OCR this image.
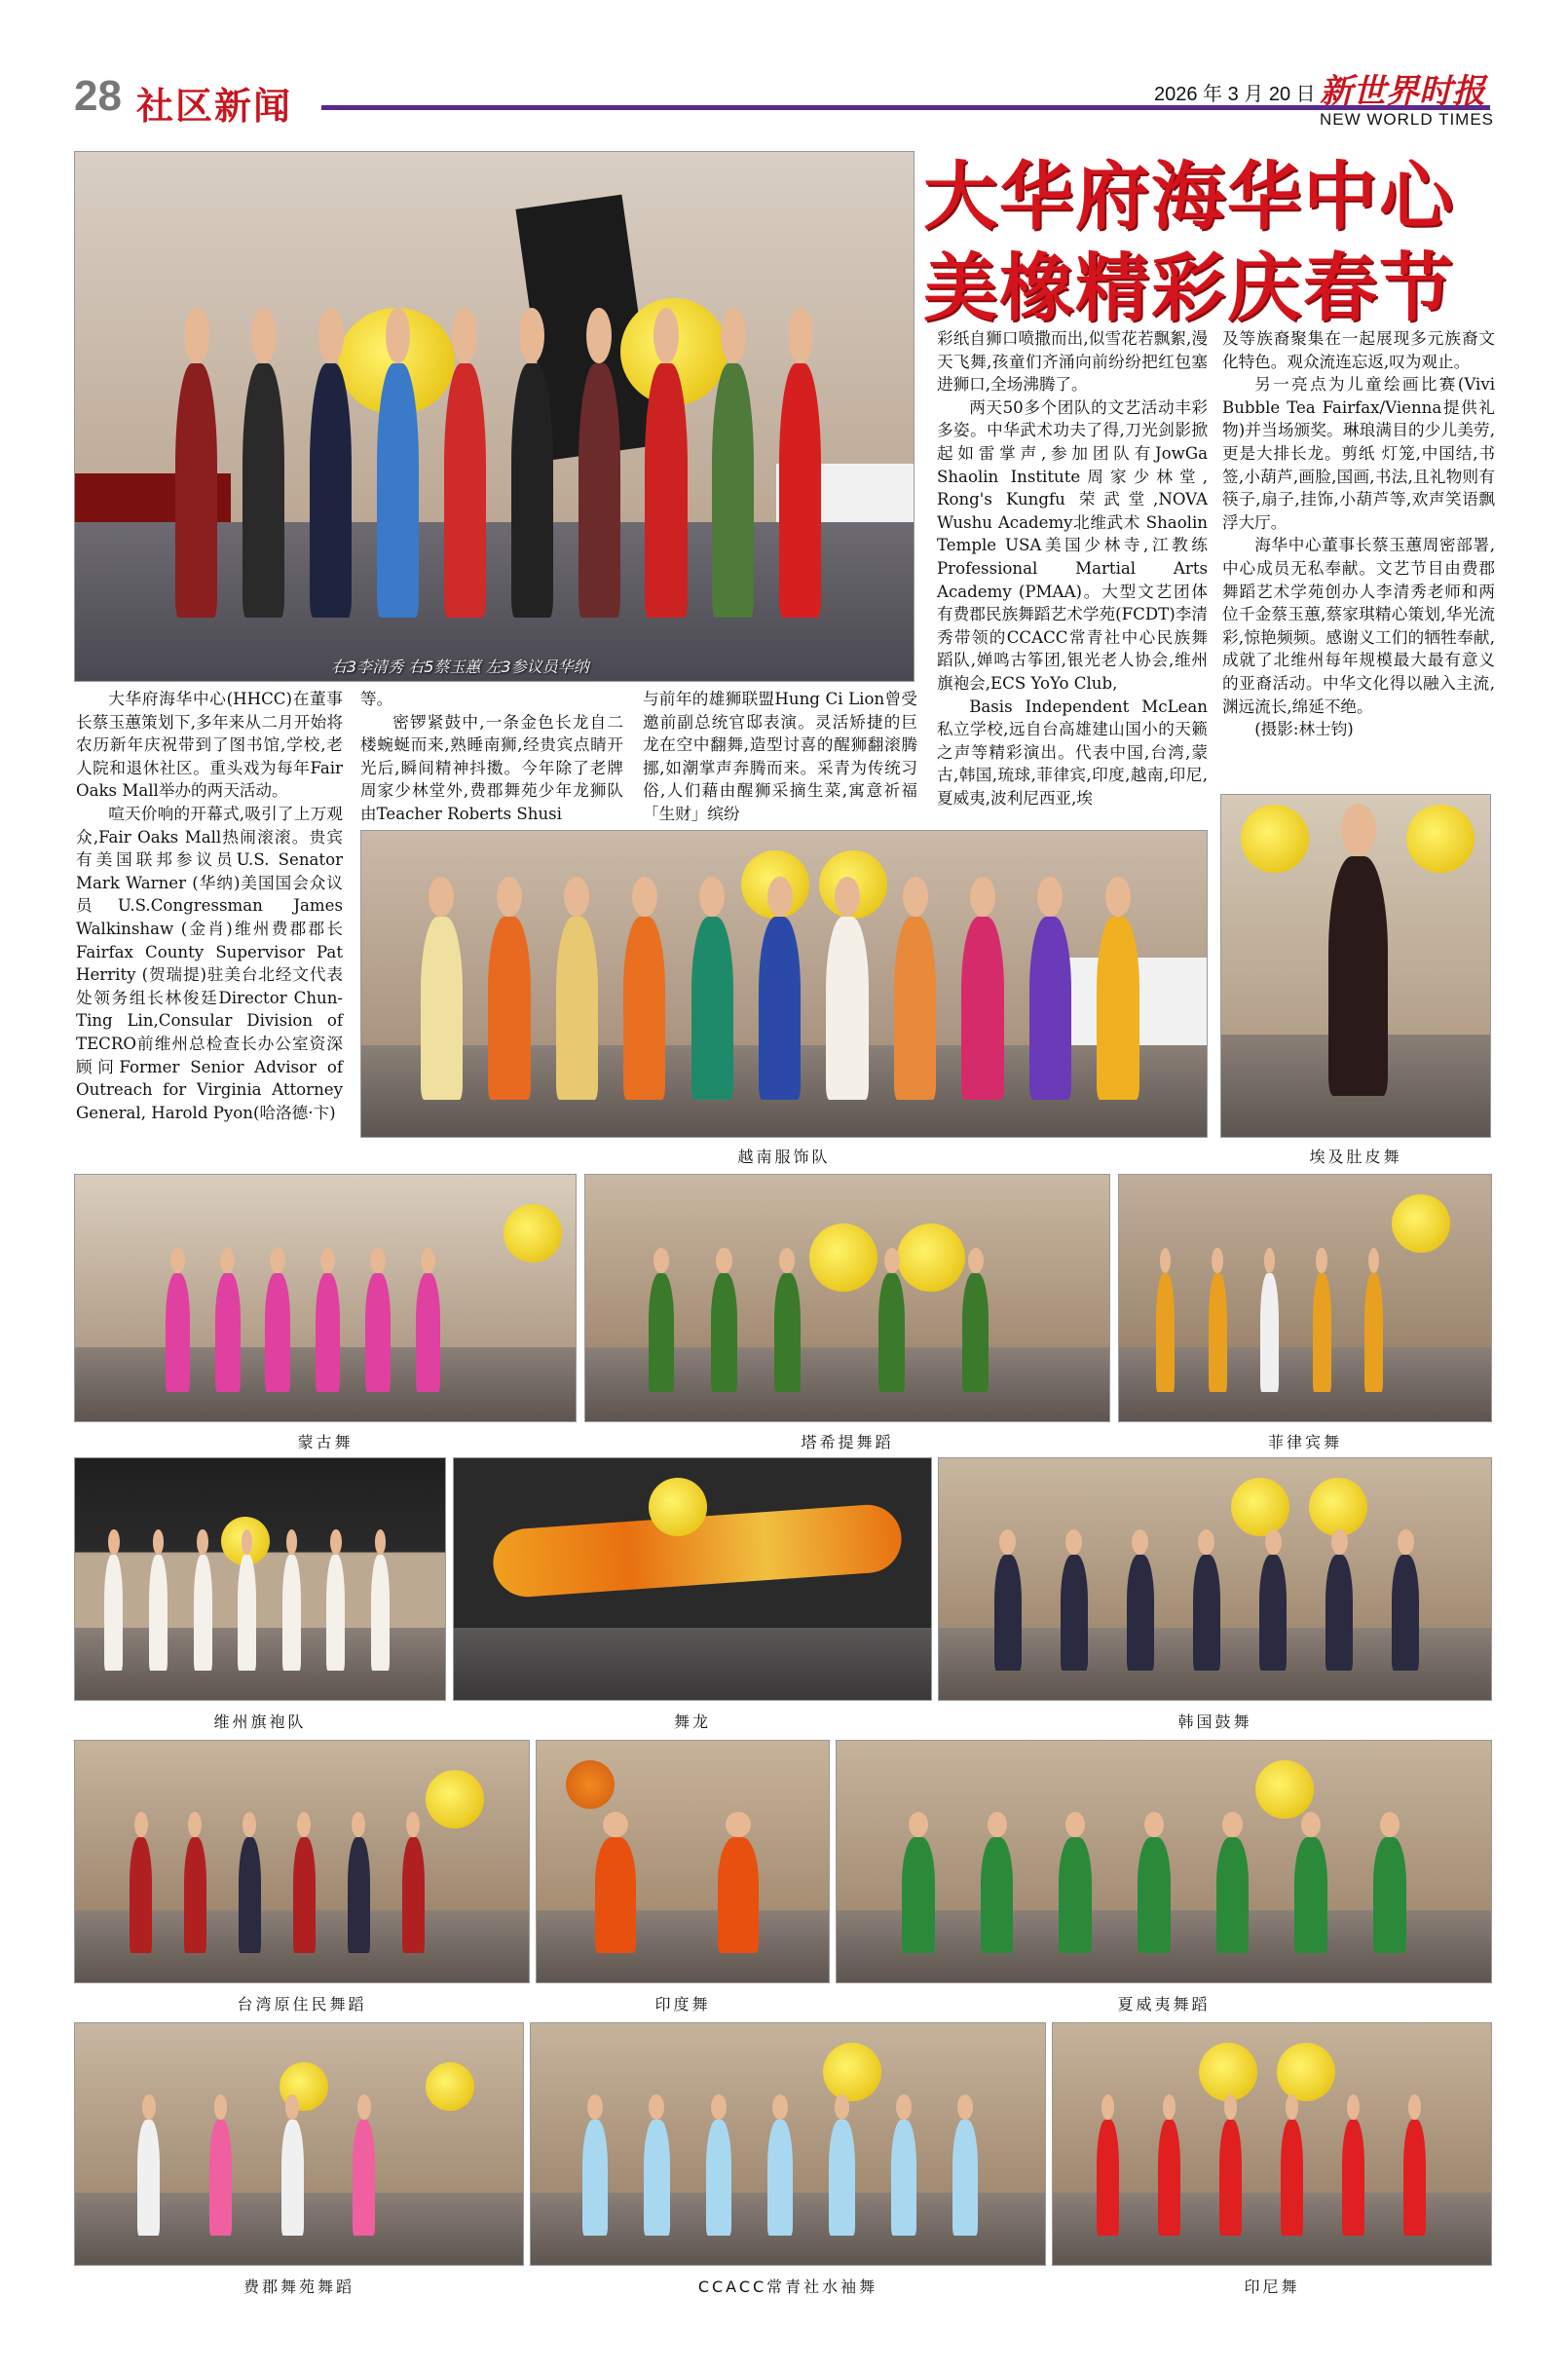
28 社区新闻	2026 年 3 月 20 日 新世界时报
NEW WORLD TIMES
大华府海华中心
美橡精彩庆春节
右3李清秀 右5蔡玉蕙 左3参议员华纳

大华府海华中心(HHCC)在董事长蔡玉蕙策划下,多年来从二月开始将农历新年庆祝带到了图书馆,学校,老人院和退休社区。重头戏为每年Fair Oaks Mall举办的两天活动。

喧天价响的开幕式,吸引了上万观众,Fair Oaks Mall热闹滚滚。贵宾有美国联邦参议员U.S. Senator Mark Warner (华纳)美国国会众议员U.S.Congressman James Walkinshaw (金肖)维州费郡郡长Fairfax County Supervisor Pat Herrity (贺瑞提)驻美台北经文代表处领务组长林俊廷Director Chun-Ting Lin,Consular Division of TECRO前维州总检查长办公室资深顾问Former Senior Advisor of Outreach for Virginia Attorney General, Harold Pyon(哈洛德·卞)

等。

密锣紧鼓中,一条金色长龙自二楼蜿蜒而来,熟睡南狮,经贵宾点睛开光后,瞬间精神抖擞。今年除了老牌周家少林堂外,费郡舞苑少年龙狮队由Teacher Roberts Shusi

与前年的雄狮联盟Hung Ci Lion曾受邀前副总统官邸表演。灵活矫捷的巨龙在空中翻舞,造型讨喜的醒狮翻滚腾挪,如潮掌声奔腾而来。采青为传统习俗,人们藉由醒狮采摘生菜,寓意祈福「生财」缤纷

彩纸自狮口喷撒而出,似雪花若飘絮,漫天飞舞,孩童们齐涌向前纷纷把红包塞进狮口,全场沸腾了。

两天50多个团队的文艺活动丰彩多姿。中华武术功夫了得,刀光剑影掀起如雷掌声,参加团队有JowGa Shaolin Institute周家少林堂, Rong's Kungfu 荣武堂,NOVA Wushu Academy北维武术 Shaolin Temple USA美国少林寺,江教练Professional Martial Arts Academy (PMAA)。大型文艺团体有费郡民族舞蹈艺术学苑(FCDT)李清秀带领的CCACC常青社中心民族舞蹈队,婵鸣古筝团,银光老人协会,维州旗袍会,ECS YoYo Club,

Basis Independent McLean私立学校,远自台高雄建山国小的天籁之声等精彩演出。代表中国,台湾,蒙古,韩国,琉球,菲律宾,印度,越南,印尼,夏威夷,波利尼西亚,埃

及等族裔聚集在一起展现多元族裔文化特色。观众流连忘返,叹为观止。

另一亮点为儿童绘画比赛(Vivi Bubble Tea Fairfax/Vienna提供礼物)并当场颁奖。琳琅满目的少儿美劳,更是大排长龙。剪纸 灯笼,中国结,书签,小葫芦,画脸,国画,书法,且礼物则有筷子,扇子,挂饰,小葫芦等,欢声笑语飘浮大厅。

海华中心董事长蔡玉蕙周密部署,中心成员无私奉献。文艺节目由费郡舞蹈艺术学苑创办人李清秀老师和两位千金蔡玉蕙,蔡家琪精心策划,华光流彩,惊艳频频。感谢义工们的牺牲奉献,成就了北维州每年规模最大最有意义的亚裔活动。中华文化得以融入主流,渊远流长,绵延不绝。

(摄影:林士钧)

越南服饰队	埃及肚皮舞
蒙古舞	塔希提舞蹈	菲律宾舞
维州旗袍队	舞龙	韩国鼓舞
台湾原住民舞蹈	印度舞	夏威夷舞蹈
费郡舞苑舞蹈	CCACC常青社水袖舞	印尼舞
